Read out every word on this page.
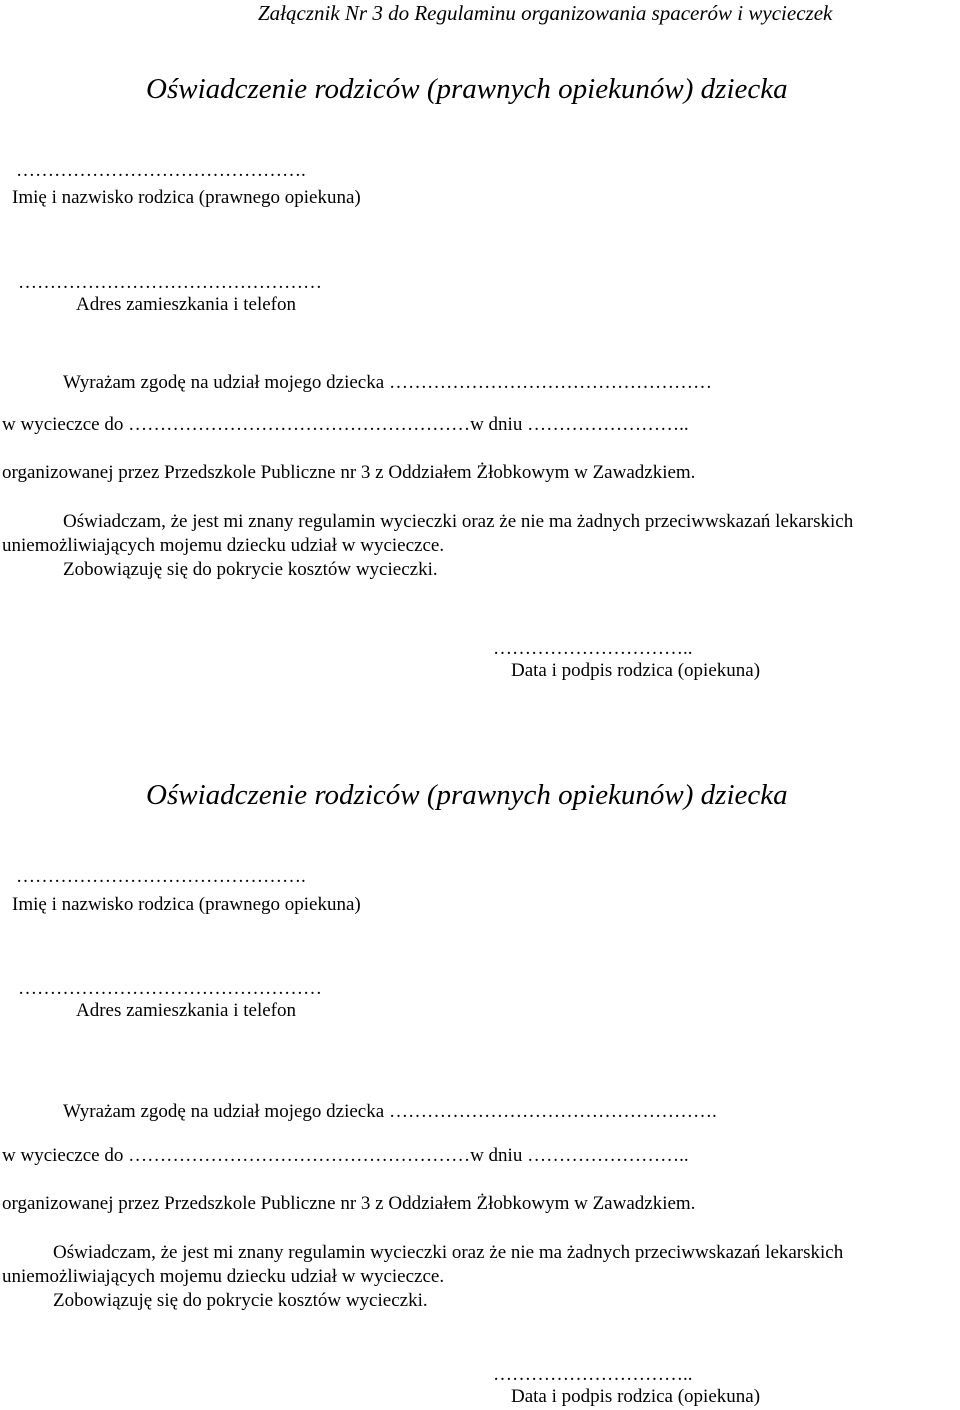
Załącznik Nr 3 do Regulaminu organizowania spacerów i wycieczek
Oświadczenie rodziców (prawnych opiekunów) dziecka
……………………………………….
Imię i nazwisko rodzica (prawnego opiekuna)
…………………………………………
Adres zamieszkania i telefon
Wyrażam zgodę na udział mojego dziecka ……………………………………………
w wycieczce do ………………………………………………w dniu ……………………..
organizowanej przez Przedszkole Publiczne nr 3 z Oddziałem Żłobkowym w Zawadzkiem.
Oświadczam, że jest mi znany regulamin wycieczki oraz że nie ma żadnych przeciwwskazań lekarskich
uniemożliwiających mojemu dziecku udział w wycieczce.
Zobowiązuję się do pokrycie kosztów wycieczki.
…………………………..
Data i podpis rodzica (opiekuna)
Oświadczenie rodziców (prawnych opiekunów) dziecka
……………………………………….
Imię i nazwisko rodzica (prawnego opiekuna)
…………………………………………
Adres zamieszkania i telefon
Wyrażam zgodę na udział mojego dziecka …………………………………………….
w wycieczce do ………………………………………………w dniu ……………………..
organizowanej przez Przedszkole Publiczne nr 3 z Oddziałem Żłobkowym w Zawadzkiem.
Oświadczam, że jest mi znany regulamin wycieczki oraz że nie ma żadnych przeciwwskazań lekarskich
uniemożliwiających mojemu dziecku udział w wycieczce.
Zobowiązuję się do pokrycie kosztów wycieczki.
…………………………..
Data i podpis rodzica (opiekuna)
